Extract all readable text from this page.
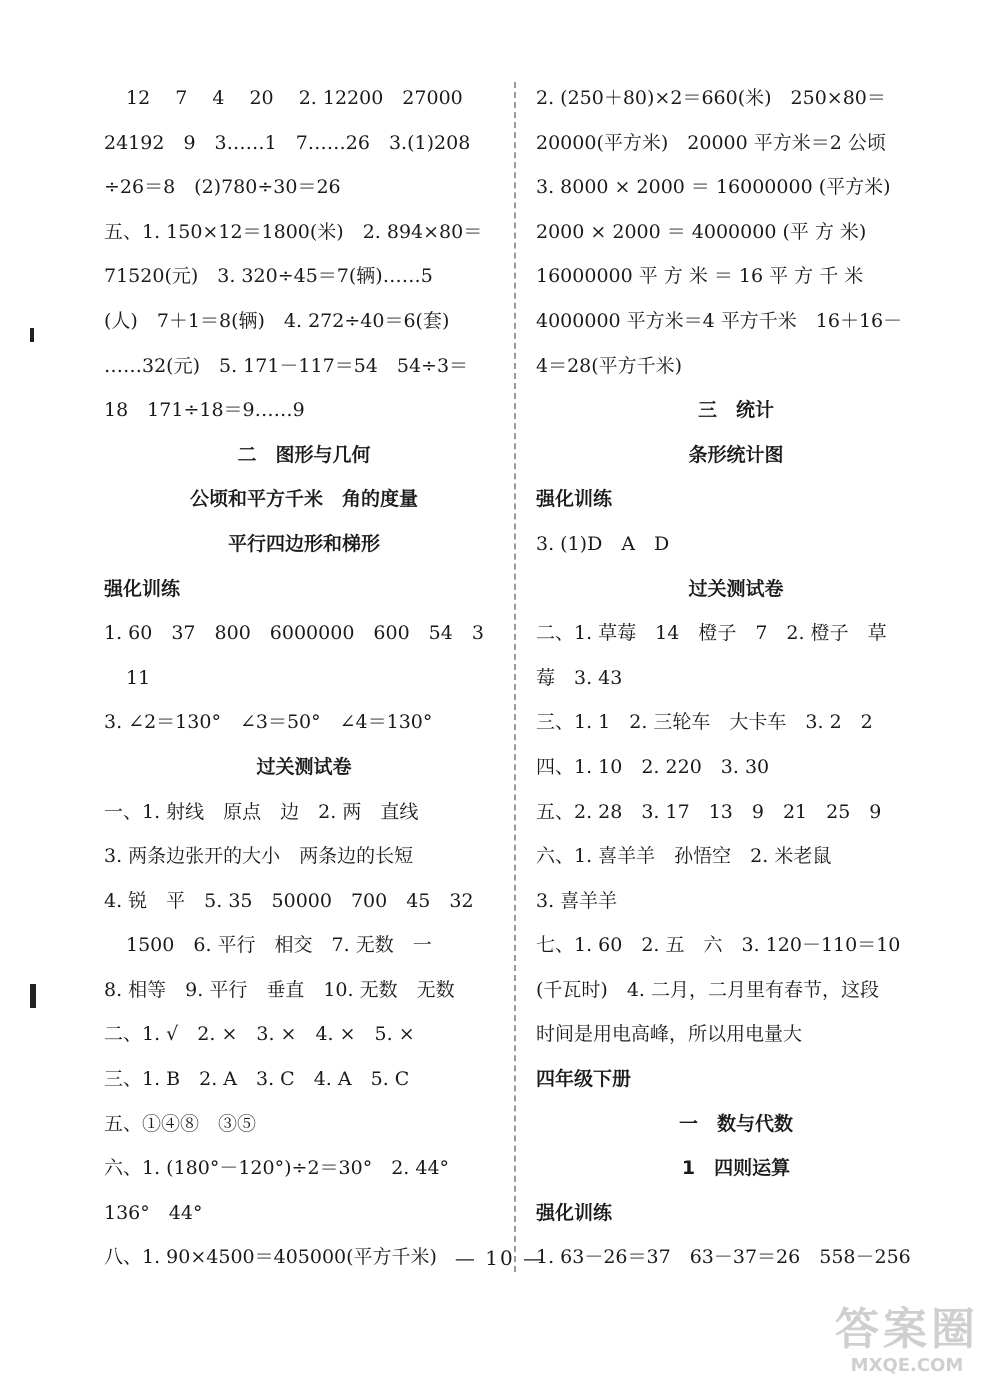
12　 7　 4　 20　 2. 12200　27000
24192　9　3……1　7……26　3.(1)208
÷26＝8　(2)780÷30＝26
五、1. 150×12＝1800(米)　2. 894×80＝
71520(元)　3. 320÷45＝7(辆)……5
(人)　7＋1＝8(辆)　4. 272÷40＝6(套)
……32(元)　5. 171－117＝54　54÷3＝
18　171÷18＝9……9
二　图形与几何
公顷和平方千米　角的度量
平行四边形和梯形
强化训练
1. 60　37　800　6000000　600　54　3
11
3. ∠2＝130°　∠3＝50°　∠4＝130°
过关测试卷
一、1. 射线　原点　边　2. 两　直线
3. 两条边张开的大小　两条边的长短
4. 锐　平　5. 35　50000　700　45　32
1500　6. 平行　相交　7. 无数　一
8. 相等　9. 平行　垂直　10. 无数　无数
二、1. √　2. ×　3. ×　4. ×　5. ×
三、1. B　2. A　3. C　4. A　5. C
五、①④⑧　③⑤
六、1. (180°－120°)÷2＝30°　2. 44°
136°　44°
八、1. 90×4500＝405000(平方千米)
2. (250＋80)×2＝660(米)　250×80＝
20000(平方米)　20000 平方米＝2 公顷
3. 8000 × 2000 ＝ 16000000 (平方米)
2000 × 2000 ＝ 4000000 (平 方 米)
16000000 平 方 米 ＝ 16 平 方 千 米
4000000 平方米＝4 平方千米　16＋16－
4＝28(平方千米)
三　统计
条形统计图
强化训练
3. (1)D　A　D
过关测试卷
二、1. 草莓　14　橙子　7　2. 橙子　草
莓　3. 43
三、1. 1　2. 三轮车　大卡车　3. 2　2
四、1. 10　2. 220　3. 30
五、2. 28　3. 17　13　9　21　25　9
六、1. 喜羊羊　孙悟空　2. 米老鼠
3. 喜羊羊
七、1. 60　2. 五　六　3. 120－110＝10
(千瓦时)　4. 二月，二月里有春节，这段
时间是用电高峰，所以用电量大
四年级下册
一　数与代数
1　四则运算
强化训练
1. 63－26＝37　63－37＝26　558－256
— 10 —
答案圈
MXQE.COM
